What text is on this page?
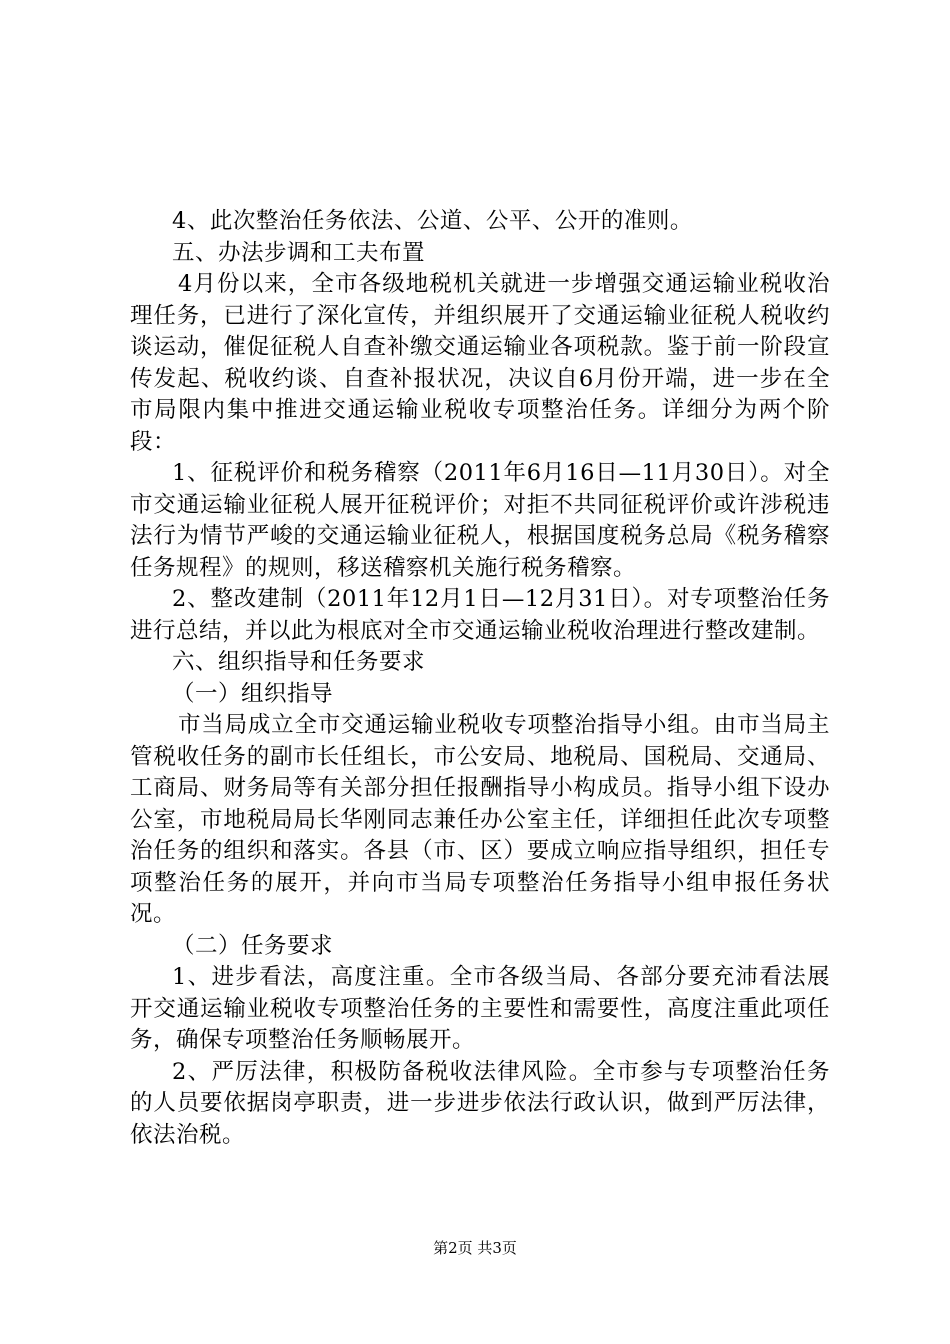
4、此次整治任务依法、公道、公平、公开的准则。

五、办法步调和工夫布置

4月份以来，全市各级地税机关就进一步增强交通运输业税收治理任务，已进行了深化宣传，并组织展开了交通运输业征税人税收约谈运动，催促征税人自查补缴交通运输业各项税款。鉴于前一阶段宣传发起、税收约谈、自查补报状况，决议自6月份开端，进一步在全市局限内集中推进交通运输业税收专项整治任务。详细分为两个阶段：

1、征税评价和税务稽察（2011年6月16日—11月30日）。对全市交通运输业征税人展开征税评价；对拒不共同征税评价或许涉税违法行为情节严峻的交通运输业征税人，根据国度税务总局《税务稽察任务规程》的规则，移送稽察机关施行税务稽察。

2、整改建制（2011年12月1日—12月31日）。对专项整治任务进行总结，并以此为根底对全市交通运输业税收治理进行整改建制。

六、组织指导和任务要求

（一）组织指导

市当局成立全市交通运输业税收专项整治指导小组。由市当局主管税收任务的副市长任组长，市公安局、地税局、国税局、交通局、工商局、财务局等有关部分担任报酬指导小构成员。指导小组下设办公室，市地税局局长华刚同志兼任办公室主任，详细担任此次专项整治任务的组织和落实。各县（市、区）要成立响应指导组织，担任专项整治任务的展开，并向市当局专项整治任务指导小组申报任务状况。

（二）任务要求

1、进步看法，高度注重。全市各级当局、各部分要充沛看法展开交通运输业税收专项整治任务的主要性和需要性，高度注重此项任务，确保专项整治任务顺畅展开。

2、严厉法律，积极防备税收法律风险。全市参与专项整治任务的人员要依据岗亭职责，进一步进步依法行政认识，做到严厉法律，依法治税。

第2页 共3页
